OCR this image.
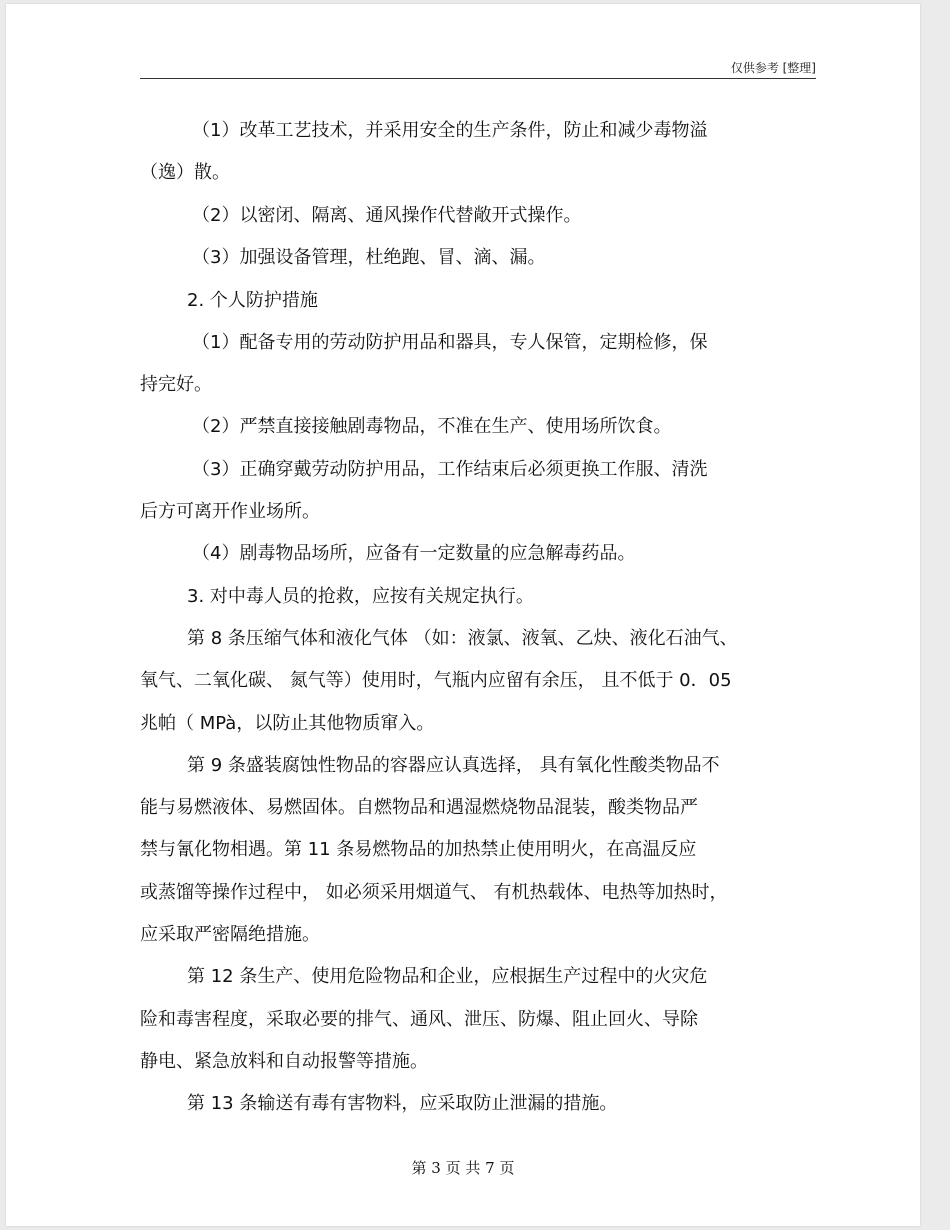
仅供参考 [整理]
（1）改革工艺技术，并采用安全的生产条件，防止和减少毒物溢
（逸）散。
（2）以密闭、隔离、通风操作代替敞开式操作。
（3）加强设备管理，杜绝跑、冒、滴、漏。
2. 个人防护措施
（1）配备专用的劳动防护用品和器具，专人保管，定期检修，保
持完好。
（2）严禁直接接触剧毒物品，不准在生产、使用场所饮食。
（3）正确穿戴劳动防护用品，工作结束后必须更换工作服、清洗
后方可离开作业场所。
（4）剧毒物品场所，应备有一定数量的应急解毒药品。
3. 对中毒人员的抢救，应按有关规定执行。
第 8 条压缩气体和液化气体 （如：液氯、液氧、乙炔、液化石油气、
氧气、二氧化碳、 氮气等）使用时，气瓶内应留有余压， 且不低于 0．05
兆帕（ MPà，以防止其他物质窜入。
第 9 条盛装腐蚀性物品的容器应认真选择， 具有氧化性酸类物品不
能与易燃液体、易燃固体。自燃物品和遇湿燃烧物品混装，酸类物品严
禁与氰化物相遇。第 11 条易燃物品的加热禁止使用明火，在高温反应
或蒸馏等操作过程中， 如必须采用烟道气、 有机热载体、电热等加热时，
应采取严密隔绝措施。
第 12 条生产、使用危险物品和企业，应根据生产过程中的火灾危
险和毒害程度，采取必要的排气、通风、泄压、防爆、阻止回火、导除
静电、紧急放料和自动报警等措施。
第 13 条输送有毒有害物料，应采取防止泄漏的措施。
第 3 页 共 7 页
